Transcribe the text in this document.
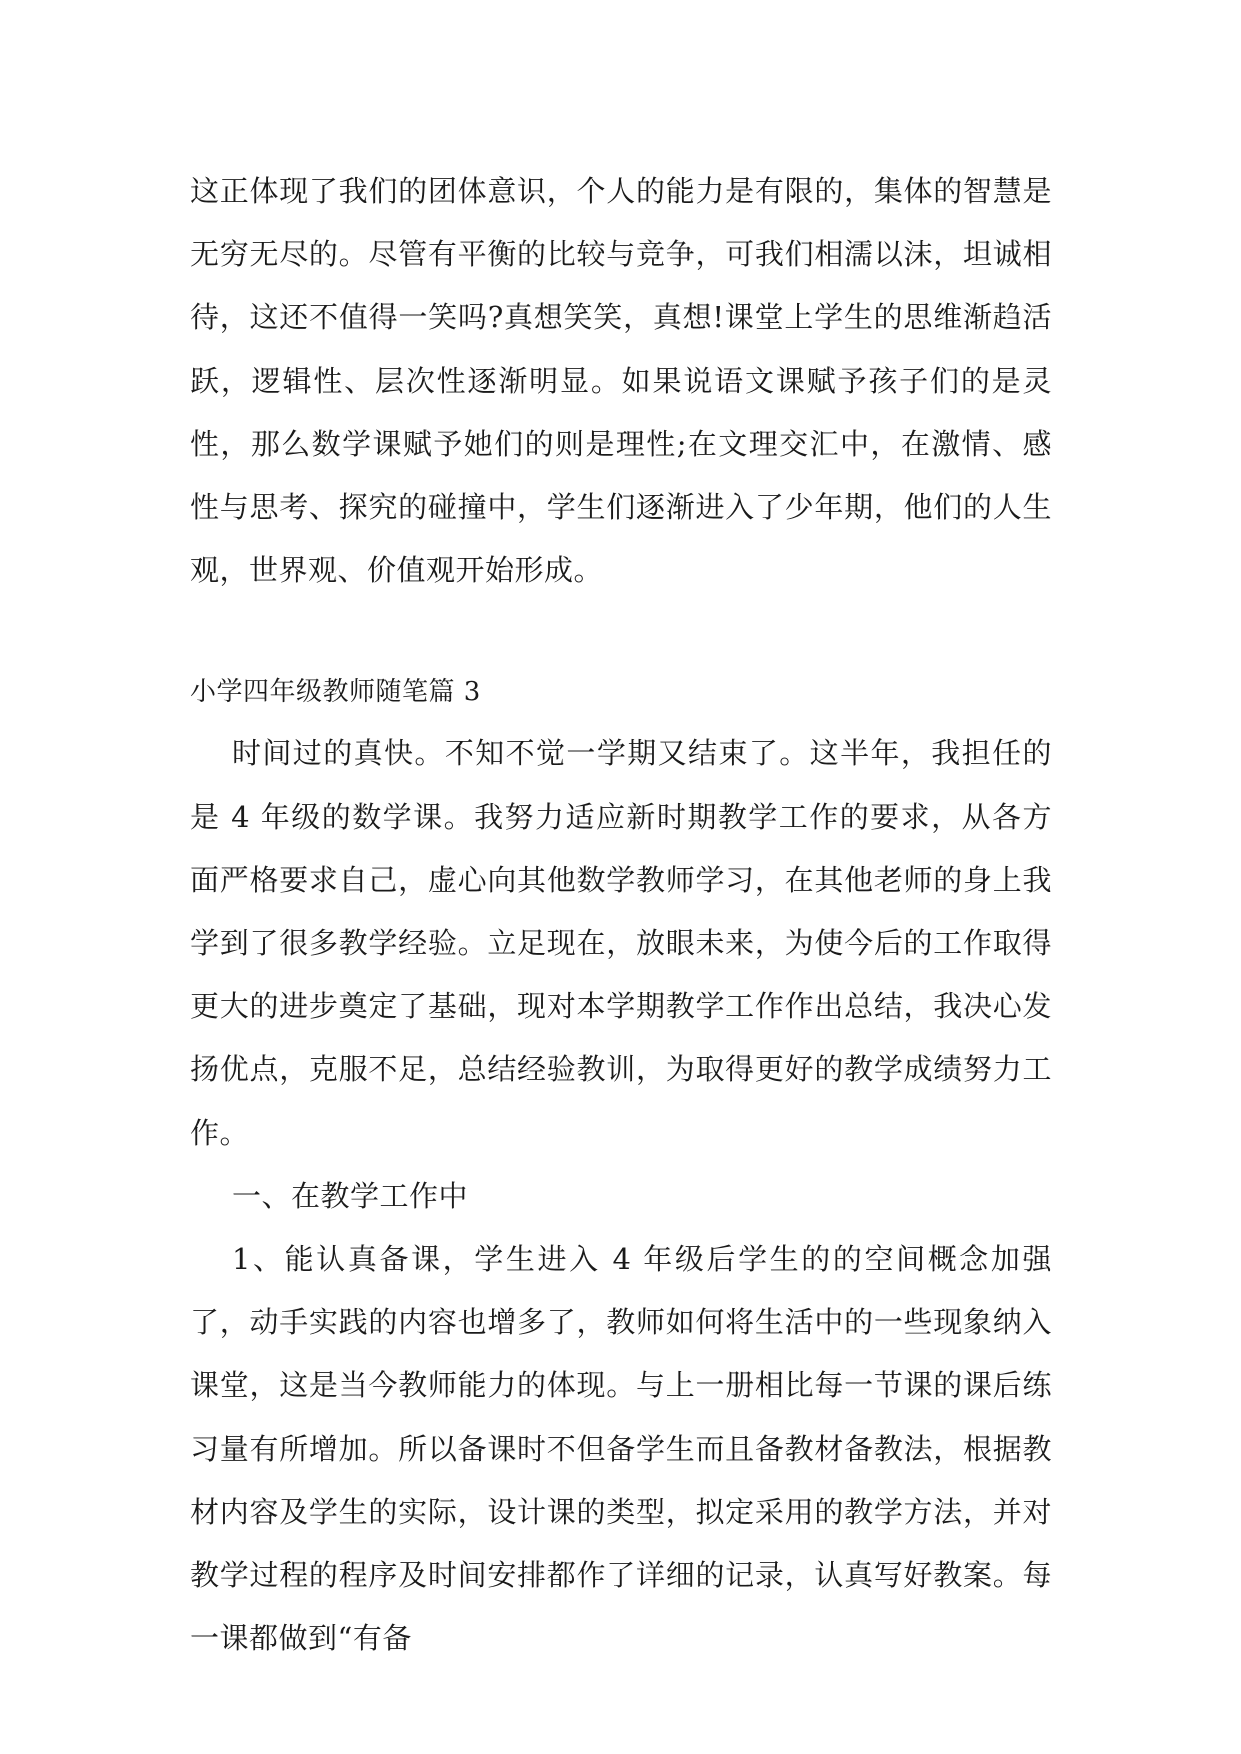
这正体现了我们的团体意识，个人的能力是有限的，集体的智慧是无穷无尽的。尽管有平衡的比较与竞争，可我们相濡以沫，坦诚相待，这还不值得一笑吗?真想笑笑，真想!课堂上学生的思维渐趋活跃，逻辑性、层次性逐渐明显。如果说语文课赋予孩子们的是灵性，那么数学课赋予她们的则是理性;在文理交汇中，在激情、感性与思考、探究的碰撞中，学生们逐渐进入了少年期，他们的人生观，世界观、价值观开始形成。

小学四年级教师随笔篇 3

时间过的真快。不知不觉一学期又结束了。这半年，我担任的是 4 年级的数学课。我努力适应新时期教学工作的要求，从各方面严格要求自己，虚心向其他数学教师学习，在其他老师的身上我学到了很多教学经验。立足现在，放眼未来，为使今后的工作取得更大的进步奠定了基础，现对本学期教学工作作出总结，我决心发扬优点，克服不足，总结经验教训，为取得更好的教学成绩努力工作。

一、在教学工作中

1、能认真备课，学生进入 4 年级后学生的的空间概念加强了，动手实践的内容也增多了，教师如何将生活中的一些现象纳入课堂，这是当今教师能力的体现。与上一册相比每一节课的课后练习量有所增加。所以备课时不但备学生而且备教材备教法，根据教材内容及学生的实际，设计课的类型，拟定采用的教学方法，并对教学过程的程序及时间安排都作了详细的记录，认真写好教案。每一课都做到“有备
